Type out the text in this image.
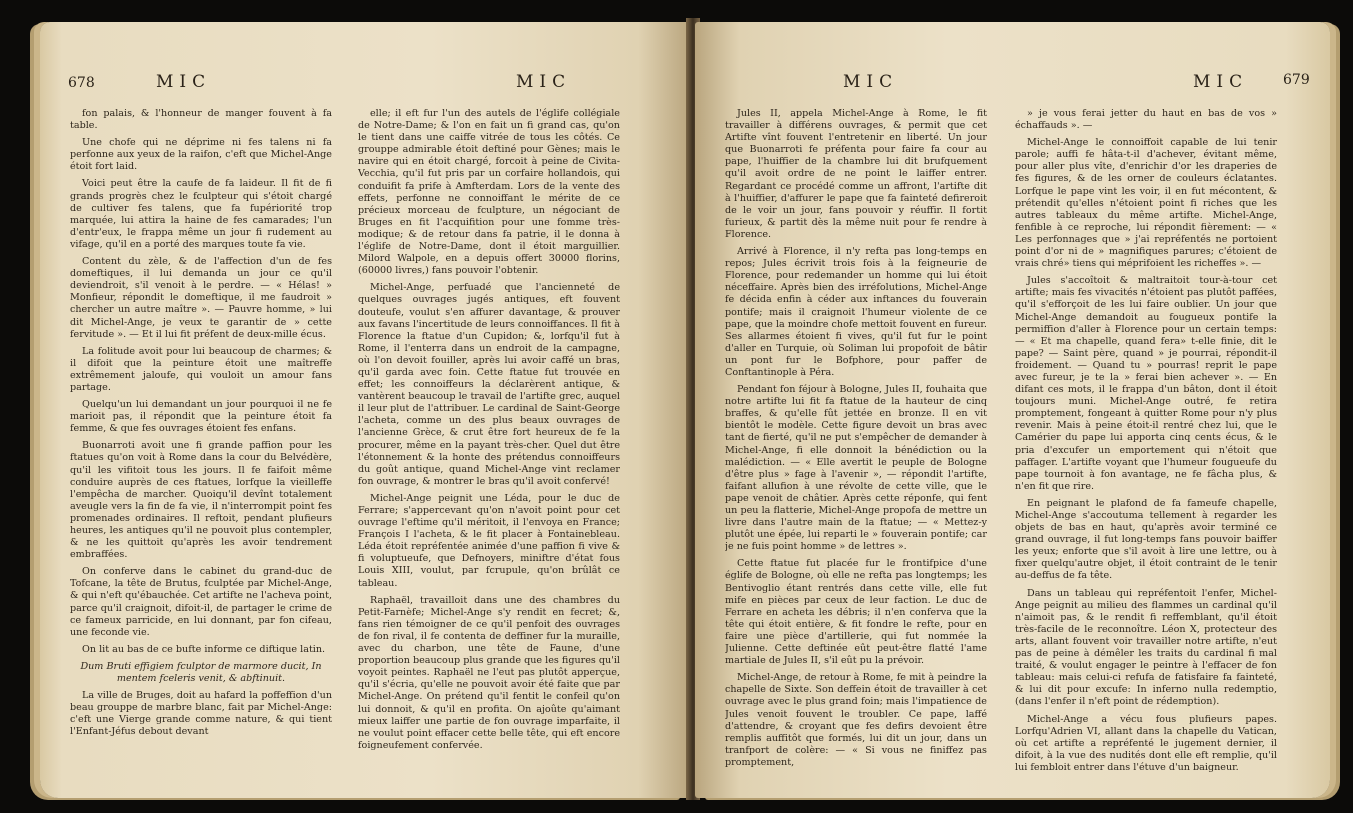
678	MIC	MIC

fon palais, & l'honneur de manger fouvent à fa table.

Une chofe qui ne déprime ni fes talens ni fa perfonne aux yeux de la raifon, c'eft que Michel-Ange étoit fort laid.

Voici peut être la caufe de fa laideur. Il fit de fi grands progrès chez le fculpteur qui s'étoit chargé de cultiver fes talens, que fa fupériorité trop marquée, lui attira la haine de fes camarades; l'un d'entr'eux, le frappa même un jour fi rudement au vifage, qu'il en a porté des marques toute fa vie.

Content du zèle, & de l'affection d'un de fes domeftiques, il lui demanda un jour ce qu'il deviendroit, s'il venoit à le perdre. — « Hélas! » Monfieur, répondit le domeftique, il me faudroit » chercher un autre maître ». — Pauvre homme, » lui dit Michel-Ange, je veux te garantir de » cette fervitude ». — Et il lui fit préfent de deux-mille écus.

La folitude avoit pour lui beaucoup de charmes; & il difoit que la peinture étoit une maîtreffe extrêmement jaloufe, qui vouloit un amour fans partage.

Quelqu'un lui demandant un jour pourquoi il ne fe marioit pas, il répondit que la peinture étoit fa femme, & que fes ouvrages étoient fes enfans.

Buonarroti avoit une fi grande paffion pour les ftatues qu'on voit à Rome dans la cour du Belvédère, qu'il les vifitoit tous les jours. Il fe faifoit même conduire auprès de ces ftatues, lorfque la vieilleffe l'empêcha de marcher. Quoiqu'il devînt totalement aveugle vers la fin de fa vie, il n'interrompit point fes promenades ordinaires. Il reftoit, pendant plufieurs heures, les antiques qu'il ne pouvoit plus contempler, & ne les quittoit qu'après les avoir tendrement embraffées.

On conferve dans le cabinet du grand-duc de Tofcane, la tête de Brutus, fculptée par Michel-Ange, & qui n'eft qu'ébauchée. Cet artifte ne l'acheva point, parce qu'il craignoit, difoit-il, de partager le crime de ce fameux parricide, en lui donnant, par fon cifeau, une feconde vie.

On lit au bas de ce bufte informe ce diftique latin.

Dum Bruti effigiem fculptor de marmore ducit, In mentem fceleris venit, & abftinuit.

La ville de Bruges, doit au hafard la poffeffion d'un beau grouppe de marbre blanc, fait par Michel-Ange: c'eft une Vierge grande comme nature, & qui tient l'Enfant-Jéfus debout devant

elle; il eft fur l'un des autels de l'églife collégiale de Notre-Dame; & l'on en fait un fi grand cas, qu'on le tient dans une caiffe vitrée de tous les côtés. Ce grouppe admirable étoit deftiné pour Gènes; mais le navire qui en étoit chargé, forcoit à peine de Civita-Vecchia, qu'il fut pris par un corfaire hollandois, qui conduifit fa prife à Amfterdam. Lors de la vente des effets, perfonne ne connoiffant le mérite de ce précieux morceau de fculpture, un négociant de Bruges en fit l'acquifition pour une fomme très-modique; & de retour dans fa patrie, il le donna à l'églife de Notre-Dame, dont il étoit marguillier. Milord Walpole, en a depuis offert 30000 florins, (60000 livres,) fans pouvoir l'obtenir.

Michel-Ange, perfuadé que l'ancienneté de quelques ouvrages jugés antiques, eft fouvent douteufe, voulut s'en affurer davantage, & prouver aux favans l'incertitude de leurs connoiffances. Il fit à Florence la ftatue d'un Cupidon; &, lorfqu'il fut à Rome, il l'enterra dans un endroit de la campagne, où l'on devoit fouiller, après lui avoir caffé un bras, qu'il garda avec foin. Cette ftatue fut trouvée en effet; les connoiffeurs la déclarèrent antique, & vantèrent beaucoup le travail de l'artifte grec, auquel il leur plut de l'attribuer. Le cardinal de Saint-George l'acheta, comme un des plus beaux ouvrages de l'ancienne Grèce, & crut être fort heureux de fe la procurer, même en la payant très-cher. Quel dut être l'étonnement & la honte des prétendus connoiffeurs du goût antique, quand Michel-Ange vint reclamer fon ouvrage, & montrer le bras qu'il avoit confervé!

Michel-Ange peignit une Léda, pour le duc de Ferrare; s'appercevant qu'on n'avoit point pour cet ouvrage l'eftime qu'il méritoit, il l'envoya en France; François I l'acheta, & le fit placer à Fontainebleau. Léda étoit repréfentée animée d'une paffion fi vive & fi voluptueufe, que Defnoyers, miniftre d'état fous Louis XIII, voulut, par fcrupule, qu'on brûlât ce tableau.

Raphaël, travailloit dans une des chambres du Petit-Farnèfe; Michel-Ange s'y rendit en fecret; &, fans rien témoigner de ce qu'il penfoit des ouvrages de fon rival, il fe contenta de deffiner fur la muraille, avec du charbon, une tête de Faune, d'une proportion beaucoup plus grande que les figures qu'il voyoit peintes. Raphaël ne l'eut pas plutôt apperçue, qu'il s'écria, qu'elle ne pouvoit avoir été faite que par Michel-Ange. On prétend qu'il fentit le confeil qu'on lui donnoit, & qu'il en profita. On ajoûte qu'aimant mieux laiffer une partie de fon ouvrage imparfaite, il ne voulut point effacer cette belle tête, qui eft encore foigneufement confervée.

MIC	MIC 679

Jules II, appela Michel-Ange à Rome, le fit travailler à différens ouvrages, & permit que cet Artifte vînt fouvent l'entretenir en liberté. Un jour que Buonarroti fe préfenta pour faire fa cour au pape, l'huiffier de la chambre lui dit brufquement qu'il avoit ordre de ne point le laiffer entrer. Regardant ce procédé comme un affront, l'artifte dit à l'huiffier, d'affurer le pape que fa fainteté defireroit de le voir un jour, fans pouvoir y réuffir. Il fortit furieux, & partit dès la même nuit pour fe rendre à Florence.

Arrivé à Florence, il n'y refta pas long-temps en repos; Jules écrivit trois fois à la feigneurie de Florence, pour redemander un homme qui lui étoit néceffaire. Après bien des irréfolutions, Michel-Ange fe décida enfin à céder aux inftances du fouverain pontife; mais il craignoit l'humeur violente de ce pape, que la moindre chofe mettoit fouvent en fureur. Ses allarmes étoient fi vives, qu'il fut fur le point d'aller en Turquie, où Soliman lui propofoit de bâtir un pont fur le Bofphore, pour paffer de Conftantinople à Péra.

Pendant fon féjour à Bologne, Jules II, fouhaita que notre artifte lui fit fa ftatue de la hauteur de cinq braffes, & qu'elle fût jettée en bronze. Il en vit bientôt le modèle. Cette figure devoit un bras avec tant de fierté, qu'il ne put s'empêcher de demander à Michel-Ange, fi elle donnoit la bénédiction ou la malédiction. — « Elle avertit le peuple de Bologne d'être plus » fage à l'avenir », — répondit l'artifte, faifant allufion à une révolte de cette ville, que le pape venoit de châtier. Après cette réponfe, qui fent un peu la flatterie, Michel-Ange propofa de mettre un livre dans l'autre main de la ftatue; — « Mettez-y plutôt une épée, lui reparti le » fouverain pontife; car je ne fuis point homme » de lettres ».

Cette ftatue fut placée fur le frontifpice d'une églife de Bologne, où elle ne refta pas longtemps; les Bentivoglio étant rentrés dans cette ville, elle fut mife en pièces par ceux de leur faction. Le duc de Ferrare en acheta les débris; il n'en conferva que la tête qui étoit entière, & fit fondre le refte, pour en faire une pièce d'artillerie, qui fut nommée la Julienne. Cette deftinée eût peut-être flatté l'ame martiale de Jules II, s'il eût pu la prévoir.

Michel-Ange, de retour à Rome, fe mit à peindre la chapelle de Sixte. Son deffein étoit de travailler à cet ouvrage avec le plus grand foin; mais l'impatience de Jules venoit fouvent le troubler. Ce pape, laffé d'attendre, & croyant que fes defirs devoient être remplis auffitôt que formés, lui dit un jour, dans un tranfport de colère: — « Si vous ne finiffez pas promptement,

» je vous ferai jetter du haut en bas de vos » échaffauds ». —

Michel-Ange le connoiffoit capable de lui tenir parole; auffi fe hâta-t-il d'achever, évitant même, pour aller plus vîte, d'enrichir d'or les draperies de fes figures, & de les orner de couleurs éclatantes. Lorfque le pape vint les voir, il en fut mécontent, & prétendit qu'elles n'étoient point fi riches que les autres tableaux du même artifte. Michel-Ange, fenfible à ce reproche, lui répondit fièrement: — « Les perfonnages que » j'ai repréfentés ne portoient point d'or ni de » magnifiques parures; c'étoient de vrais chré» tiens qui méprifoient les richeffes ». —

Jules s'accoîtoit & maltraitoit tour-à-tour cet artifte; mais fes vivacités n'étoient pas plutôt paffées, qu'il s'efforçoit de les lui faire oublier. Un jour que Michel-Ange demandoit au fougueux pontife la permiffion d'aller à Florence pour un certain temps: — « Et ma chapelle, quand fera» t-elle finie, dit le pape? — Saint père, quand » je pourrai, répondit-il froidement. — Quand tu » pourras! reprit le pape avec fureur, je te la » ferai bien achever ». — En difant ces mots, il le frappa d'un bâton, dont il étoit toujours muni. Michel-Ange outré, fe retira promptement, fongeant à quitter Rome pour n'y plus revenir. Mais à peine étoit-il rentré chez lui, que le Camérier du pape lui apporta cinq cents écus, & le pria d'excufer un emportement qui n'étoit que paffager. L'artifte voyant que l'humeur fougueufe du pape tournoit à fon avantage, ne fe fâcha plus, & n'en fit que rire.

En peignant le plafond de fa fameufe chapelle, Michel-Ange s'accoutuma tellement à regarder les objets de bas en haut, qu'après avoir terminé ce grand ouvrage, il fut long-temps fans pouvoir baiffer les yeux; enforte que s'il avoit à lire une lettre, ou à fixer quelqu'autre objet, il étoit contraint de le tenir au-deffus de fa tête.

Dans un tableau qui repréfentoit l'enfer, Michel-Ange peignit au milieu des flammes un cardinal qu'il n'aimoit pas, & le rendit fi reffemblant, qu'il étoit très-facile de le reconnoître. Léon X, protecteur des arts, allant fouvent voir travailler notre artifte, n'eut pas de peine à démêler les traits du cardinal fi mal traité, & voulut engager le peintre à l'effacer de fon tableau: mais celui-ci refufa de fatisfaire fa fainteté, & lui dit pour excufe: In inferno nulla redemptio, (dans l'enfer il n'eft point de rédemption).

Michel-Ange a vécu fous plufieurs papes. Lorfqu'Adrien VI, allant dans la chapelle du Vatican, où cet artifte a repréfenté le jugement dernier, il difoit, à la vue des nudités dont elle eft remplie, qu'il lui fembloit entrer dans l'étuve d'un baigneur.
